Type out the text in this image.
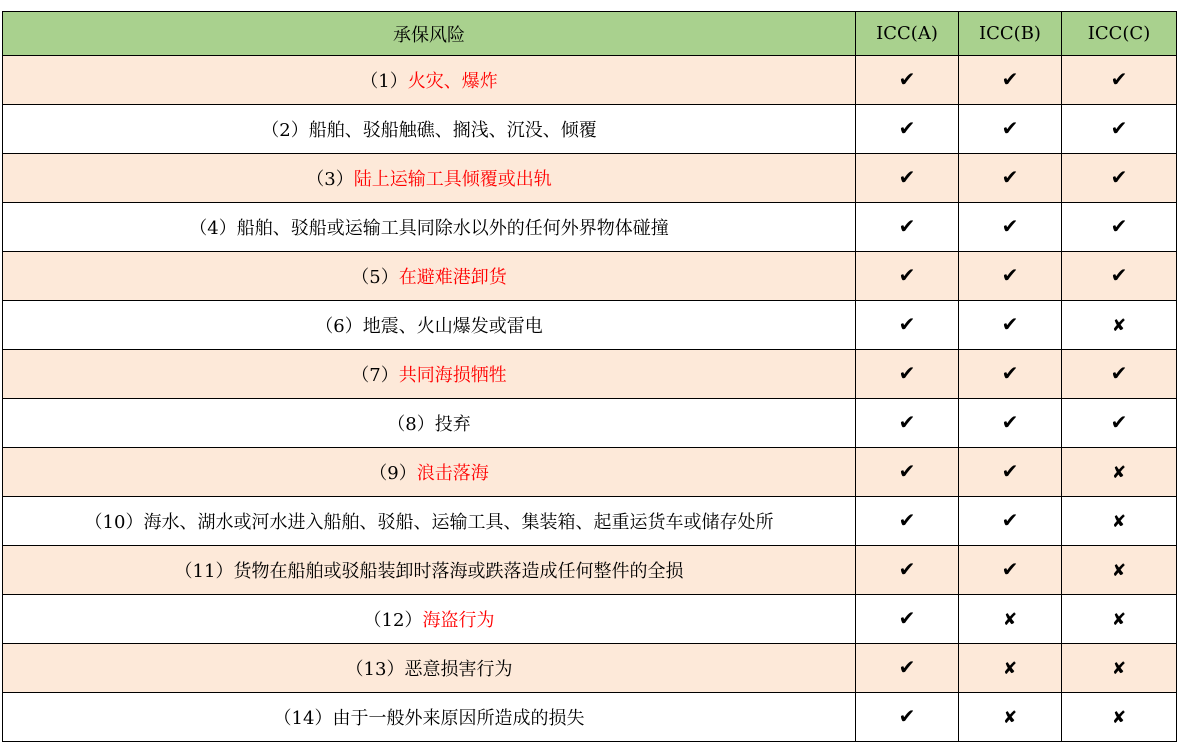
承保风险	ICC(A)	ICC(B)	ICC(C)
（1）火灾、爆炸	✔	✔	✔
（2）船舶、驳船触礁、搁浅、沉没、倾覆	✔	✔	✔
（3）陆上运输工具倾覆或出轨	✔	✔	✔
（4）船舶、驳船或运输工具同除水以外的任何外界物体碰撞	✔	✔	✔
（5）在避难港卸货	✔	✔	✔
（6）地震、火山爆发或雷电	✔	✔	✘
（7）共同海损牺牲	✔	✔	✔
（8）投弃	✔	✔	✔
（9）浪击落海	✔	✔	✘
（10）海水、湖水或河水进入船舶、驳船、运输工具、集装箱、起重运货车或储存处所	✔	✔	✘
（11）货物在船舶或驳船装卸时落海或跌落造成任何整件的全损	✔	✔	✘
（12）海盗行为	✔	✘	✘
（13）恶意损害行为	✔	✘	✘
（14）由于一般外来原因所造成的损失	✔	✘	✘
